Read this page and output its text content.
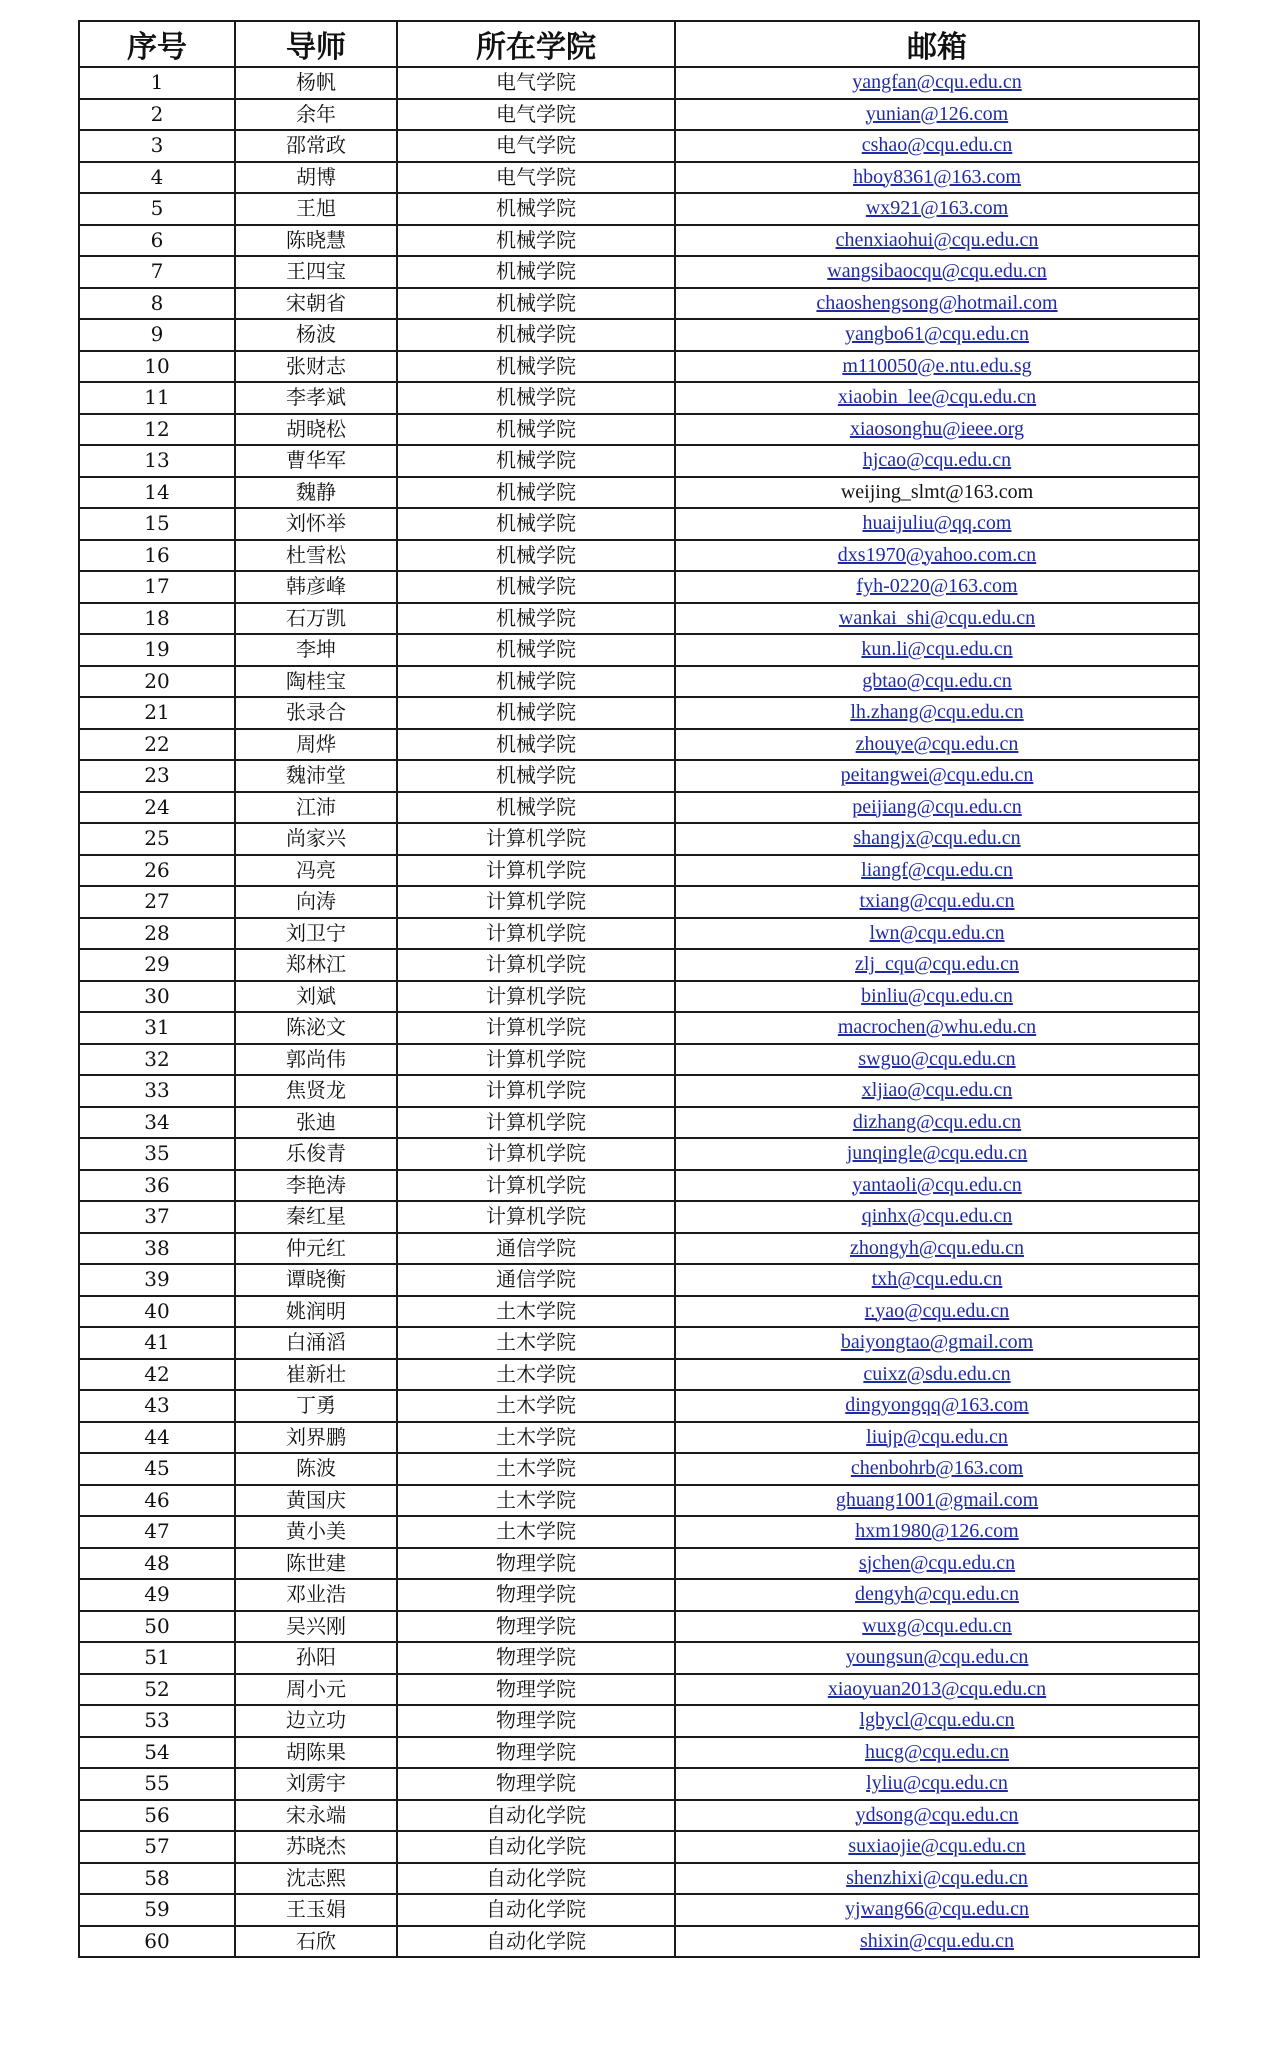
序号	导师	所在学院	邮箱
1	杨帆	电气学院	yangfan@cqu.edu.cn
2	余年	电气学院	yunian@126.com
3	邵常政	电气学院	cshao@cqu.edu.cn
4	胡博	电气学院	hboy8361@163.com
5	王旭	机械学院	wx921@163.com
6	陈晓慧	机械学院	chenxiaohui@cqu.edu.cn
7	王四宝	机械学院	wangsibaocqu@cqu.edu.cn
8	宋朝省	机械学院	chaoshengsong@hotmail.com
9	杨波	机械学院	yangbo61@cqu.edu.cn
10	张财志	机械学院	m110050@e.ntu.edu.sg
11	李孝斌	机械学院	xiaobin_lee@cqu.edu.cn
12	胡晓松	机械学院	xiaosonghu@ieee.org
13	曹华军	机械学院	hjcao@cqu.edu.cn
14	魏静	机械学院	weijing_slmt@163.com
15	刘怀举	机械学院	huaijuliu@qq.com
16	杜雪松	机械学院	dxs1970@yahoo.com.cn
17	韩彦峰	机械学院	fyh-0220@163.com
18	石万凯	机械学院	wankai_shi@cqu.edu.cn
19	李坤	机械学院	kun.li@cqu.edu.cn
20	陶桂宝	机械学院	gbtao@cqu.edu.cn
21	张录合	机械学院	lh.zhang@cqu.edu.cn
22	周烨	机械学院	zhouye@cqu.edu.cn
23	魏沛堂	机械学院	peitangwei@cqu.edu.cn
24	江沛	机械学院	peijiang@cqu.edu.cn
25	尚家兴	计算机学院	shangjx@cqu.edu.cn
26	冯亮	计算机学院	liangf@cqu.edu.cn
27	向涛	计算机学院	txiang@cqu.edu.cn
28	刘卫宁	计算机学院	lwn@cqu.edu.cn
29	郑林江	计算机学院	zlj_cqu@cqu.edu.cn
30	刘斌	计算机学院	binliu@cqu.edu.cn
31	陈泌文	计算机学院	macrochen@whu.edu.cn
32	郭尚伟	计算机学院	swguo@cqu.edu.cn
33	焦贤龙	计算机学院	xljiao@cqu.edu.cn
34	张迪	计算机学院	dizhang@cqu.edu.cn
35	乐俊青	计算机学院	junqingle@cqu.edu.cn
36	李艳涛	计算机学院	yantaoli@cqu.edu.cn
37	秦红星	计算机学院	qinhx@cqu.edu.cn
38	仲元红	通信学院	zhongyh@cqu.edu.cn
39	谭晓衡	通信学院	txh@cqu.edu.cn
40	姚润明	土木学院	r.yao@cqu.edu.cn
41	白涌滔	土木学院	baiyongtao@gmail.com
42	崔新壮	土木学院	cuixz@sdu.edu.cn
43	丁勇	土木学院	dingyongqq@163.com
44	刘界鹏	土木学院	liujp@cqu.edu.cn
45	陈波	土木学院	chenbohrb@163.com
46	黄国庆	土木学院	ghuang1001@gmail.com
47	黄小美	土木学院	hxm1980@126.com
48	陈世建	物理学院	sjchen@cqu.edu.cn
49	邓业浩	物理学院	dengyh@cqu.edu.cn
50	吴兴刚	物理学院	wuxg@cqu.edu.cn
51	孙阳	物理学院	youngsun@cqu.edu.cn
52	周小元	物理学院	xiaoyuan2013@cqu.edu.cn
53	边立功	物理学院	lgbycl@cqu.edu.cn
54	胡陈果	物理学院	hucg@cqu.edu.cn
55	刘雳宇	物理学院	lyliu@cqu.edu.cn
56	宋永端	自动化学院	ydsong@cqu.edu.cn
57	苏晓杰	自动化学院	suxiaojie@cqu.edu.cn
58	沈志熙	自动化学院	shenzhixi@cqu.edu.cn
59	王玉娟	自动化学院	yjwang66@cqu.edu.cn
60	石欣	自动化学院	shixin@cqu.edu.cn
